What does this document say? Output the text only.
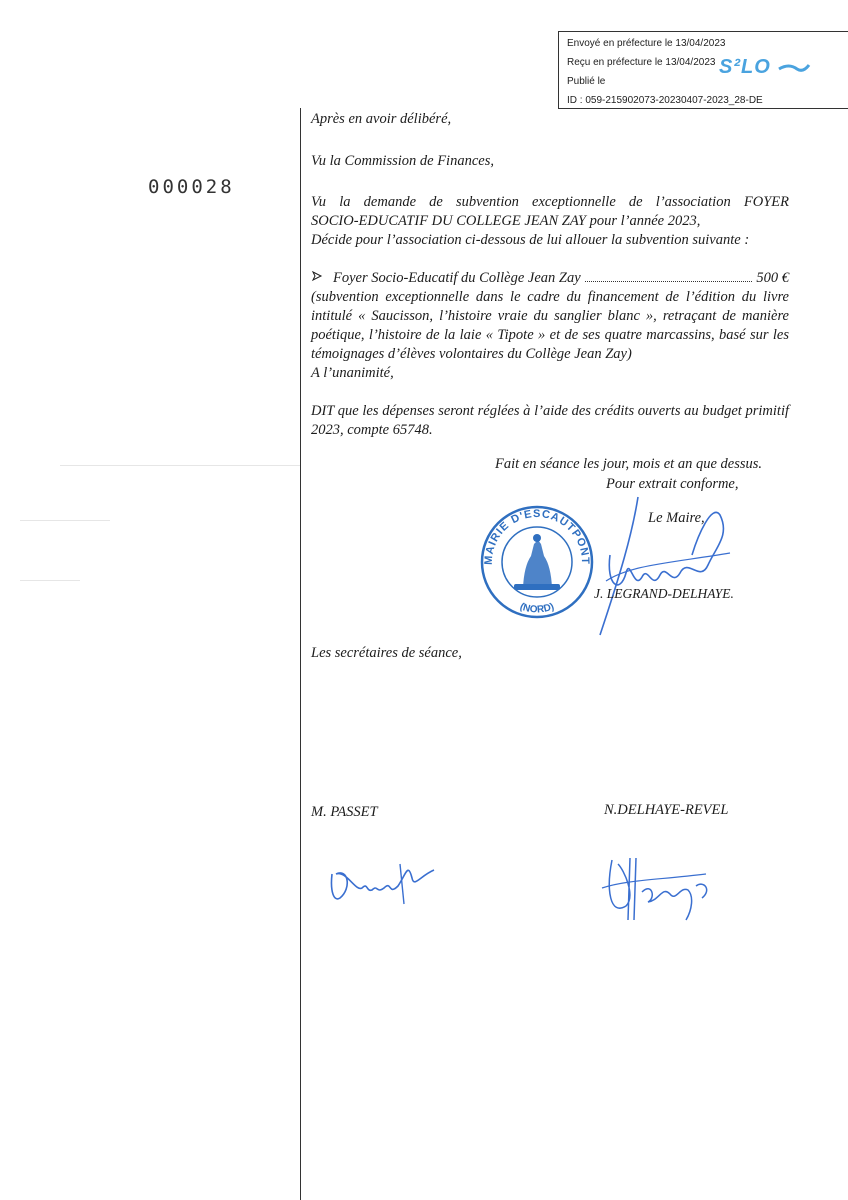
Envoyé en préfecture le 13/04/2023
Reçu en préfecture le 13/04/2023
Publié le
ID : 059-215902073-20230407-2023_28-DE
S²LO
000028

Après en avoir délibéré,

Vu la Commission de Finances,

Vu la demande de subvention exceptionnelle de l’association FOYER
SOCIO-EDUCATIF DU COLLEGE JEAN ZAY pour l’année 2023,
Décide pour l’association ci-dessous de lui allouer la subvention suivante :
Foyer Socio-Educatif du Collège Jean Zay	500 €
(subvention exceptionnelle dans le cadre du financement de l’édition du livre intitulé « Saucisson, l’histoire vraie du sanglier blanc », retraçant de manière poétique, l’histoire de la laie « Tipote » et de ses quatre marcassins, basé sur les témoignages d’élèves volontaires du Collège Jean Zay)
A l’unanimité,

DIT que les dépenses seront réglées à l’aide des crédits ouverts au budget primitif 2023, compte 65748.

Fait en séance les jour, mois et an que dessus.
Pour extrait conforme,
MAIRIE D'ESCAUTPONT
(NORD)
Le Maire,
J. LEGRAND-DELHAYE.
Les secrétaires de séance,
M. PASSET	N.DELHAYE-REVEL
